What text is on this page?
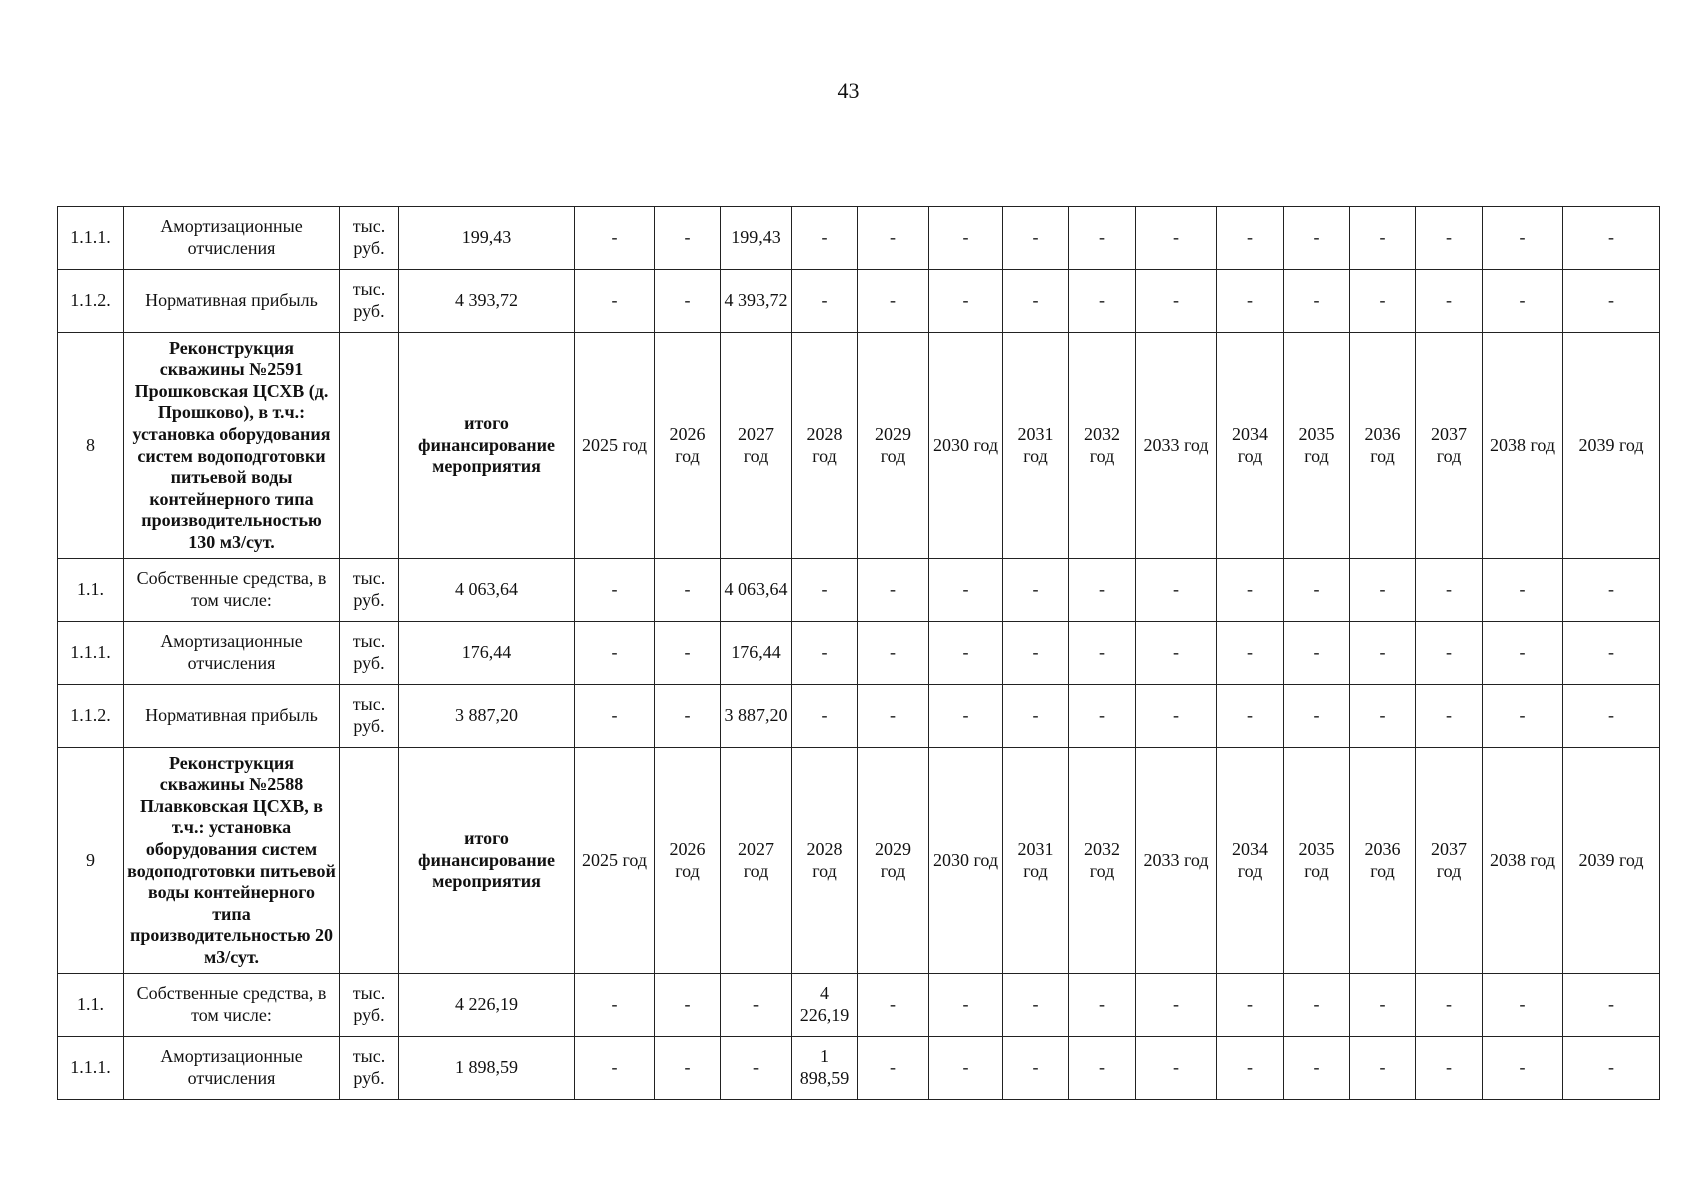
43
1.1.1.	Амортизационные отчисления	тыс. руб.	199,43	-	-	199,43	-	-	-	-	-	-	-	-	-	-	-	-
1.1.2.	Нормативная прибыль	тыс. руб.	4 393,72	-	-	4 393,72	-	-	-	-	-	-	-	-	-	-	-	-
8	Реконструкция скважины №2591 Прошковская ЦСХВ (д. Прошково), в т.ч.: установка оборудования систем водоподготовки питьевой воды контейнерного типа производительностью 130 м3/сут.		итого финансирование мероприятия	2025 год	2026 год	2027 год	2028 год	2029 год	2030 год	2031 год	2032 год	2033 год	2034 год	2035 год	2036 год	2037 год	2038 год	2039 год
1.1.	Собственные средства, в том числе:	тыс. руб.	4 063,64	-	-	4 063,64	-	-	-	-	-	-	-	-	-	-	-	-
1.1.1.	Амортизационные отчисления	тыс. руб.	176,44	-	-	176,44	-	-	-	-	-	-	-	-	-	-	-	-
1.1.2.	Нормативная прибыль	тыс. руб.	3 887,20	-	-	3 887,20	-	-	-	-	-	-	-	-	-	-	-	-
9	Реконструкция скважины №2588 Плавковская ЦСХВ, в т.ч.: установка оборудования систем водоподготовки питьевой воды контейнерного типа производительностью 20 м3/сут.		итого финансирование мероприятия	2025 год	2026 год	2027 год	2028 год	2029 год	2030 год	2031 год	2032 год	2033 год	2034 год	2035 год	2036 год	2037 год	2038 год	2039 год
1.1.	Собственные средства, в том числе:	тыс. руб.	4 226,19	-	-	-	4 226,19	-	-	-	-	-	-	-	-	-	-	-
1.1.1.	Амортизационные отчисления	тыс. руб.	1 898,59	-	-	-	1 898,59	-	-	-	-	-	-	-	-	-	-	-
